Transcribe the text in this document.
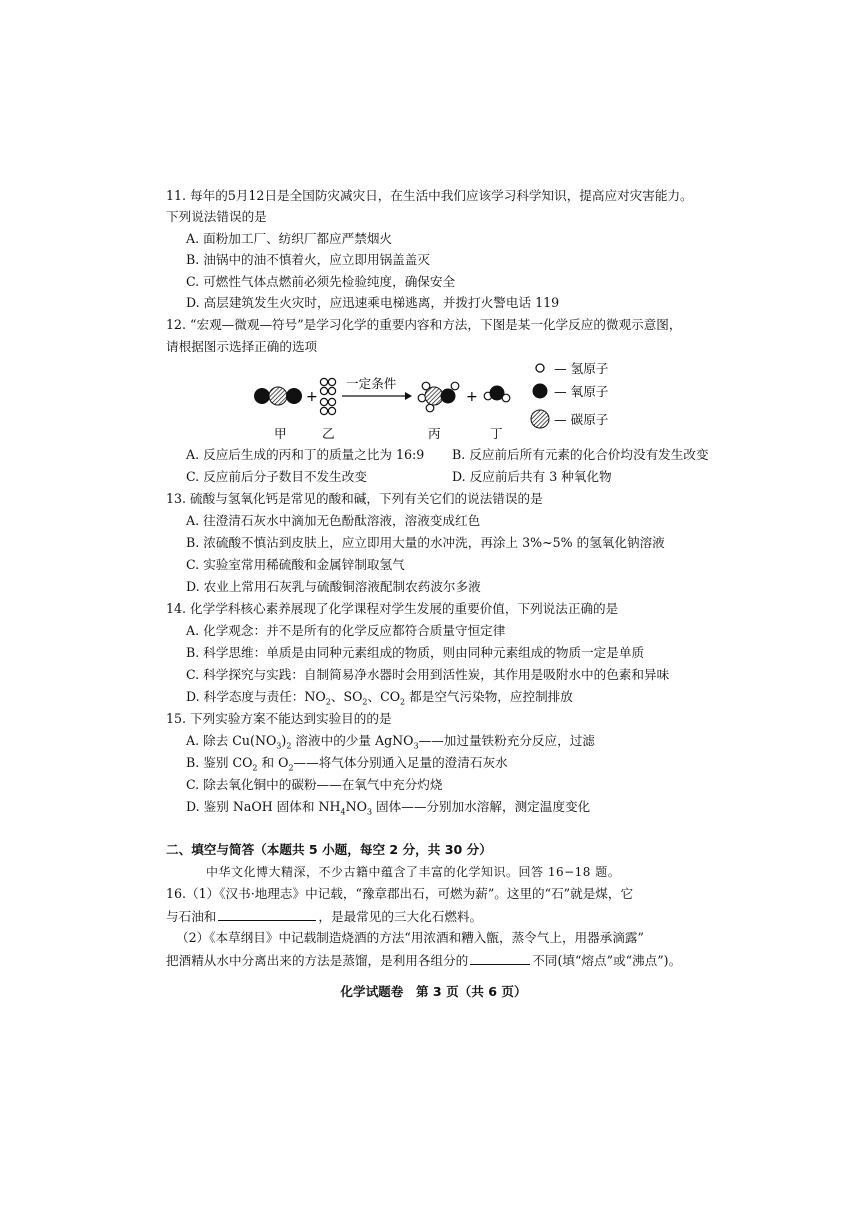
11. 每年的5月12日是全国防灾减灾日，在生活中我们应该学习科学知识，提高应对灾害能力。
下列说法错误的是
A. 面粉加工厂、纺织厂都应严禁烟火
B. 油锅中的油不慎着火，应立即用锅盖盖灭
C. 可燃性气体点燃前必须先检验纯度，确保安全
D. 高层建筑发生火灾时，应迅速乘电梯逃离，并拨打火警电话 119
12. “宏观—微观—符号”是学习化学的重要内容和方法，下图是某一化学反应的微观示意图，
请根据图示选择正确的选项
+
一定条件
+
— 氢原子
— 氧原子
— 碳原子
甲	乙	丙	丁
A. 反应后生成的丙和丁的质量之比为 16:9 B. 反应前后所有元素的化合价均没有发生改变
C. 反应前后分子数目不发生改变	D. 反应前后共有 3 种氧化物
13. 硫酸与氢氧化钙是常见的酸和碱，下列有关它们的说法错误的是
A. 往澄清石灰水中滴加无色酚酞溶液，溶液变成红色
B. 浓硫酸不慎沾到皮肤上，应立即用大量的水冲洗，再涂上 3%~5% 的氢氧化钠溶液
C. 实验室常用稀硫酸和金属锌制取氢气
D. 农业上常用石灰乳与硫酸铜溶液配制农药波尔多液
14. 化学学科核心素养展现了化学课程对学生发展的重要价值，下列说法正确的是
A. 化学观念：并不是所有的化学反应都符合质量守恒定律
B. 科学思维：单质是由同种元素组成的物质，则由同种元素组成的物质一定是单质
C. 科学探究与实践：自制简易净水器时会用到活性炭，其作用是吸附水中的色素和异味
D. 科学态度与责任：$NO_2$、$SO_2$、$CO_2$ 都是空气污染物，应控制排放
15. 下列实验方案不能达到实验目的的是
A. 除去 $Cu(NO_3)_2$ 溶液中的少量 AgNO$_3$——加过量铁粉充分反应，过滤
B. 鉴别 $CO_2$ 和 $O_2——$将气体分别通入足量的澄清石灰水
C. 除去氧化铜中的碳粉——在氧气中充分灼烧
D. 鉴别 NaOH 固体和 $NH_4NO_3$ 固体——分别加水溶解，测定温度变化
二、填空与简答（本题共 5 小题，每空 2 分，共 30 分）
中华文化博大精深，不少古籍中蕴含了丰富的化学知识。回答 16−18 题。
16.（1）《汉书·地理志》中记载，“豫章郡出石，可燃为薪”。这里的“石”就是煤，它
与石油和	，是最常见的三大化石燃料。
（2）《本草纲目》中记载制造烧酒的方法“用浓酒和糟入甑，蒸令气上，用器承滴露”
把酒精从水中分离出来的方法是蒸馏，是利用各组分的	不同(填“熔点”或“沸点”)。
化学试题卷　第 3 页（共 6 页）
